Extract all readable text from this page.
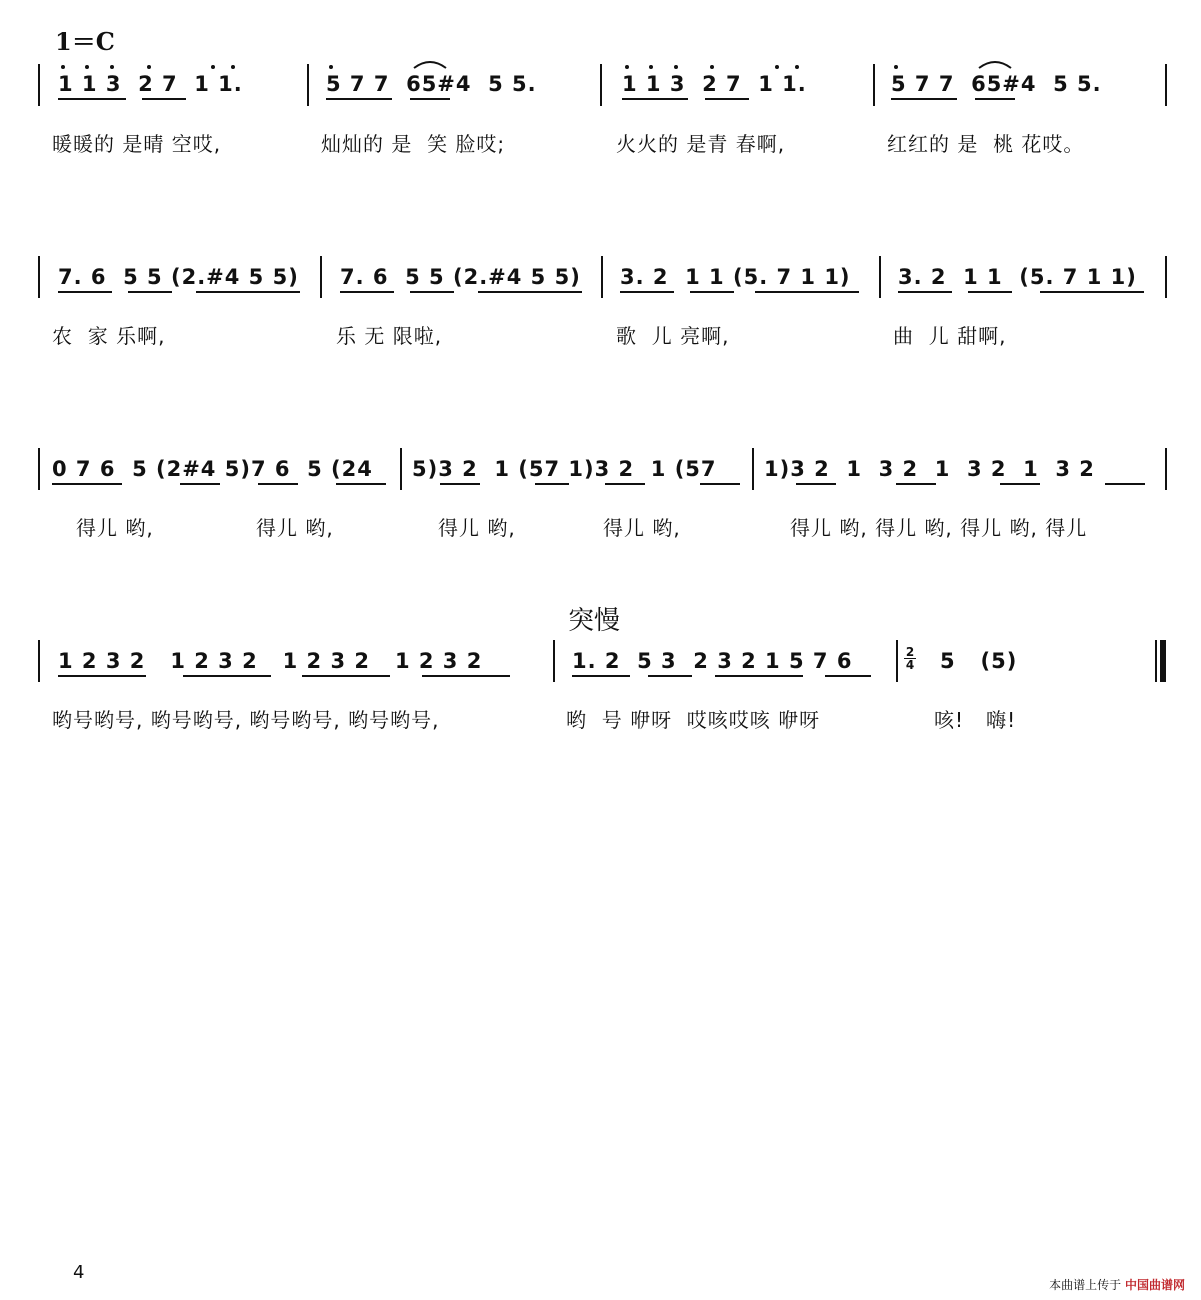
1＝C
1 1 3  2 7  1 1.	5 7 7  65#4  5 5.	1 1 3  2 7  1 1.	5 7 7  65#4  5 5.
暖暖的 是晴 空哎,	灿灿的 是  笑 脸哎;	火火的 是青 春啊,	红红的 是  桃 花哎。
7. 6  5 5 (2.#4 5 5) 7. 6  5 5 (2.#4 5 5) 3. 2  1 1 (5. 7 1 1) 3. 2  1 1  (5. 7 1 1)
农  家 乐啊,	乐 无 限啦,	歌  儿 亮啊,	曲  儿 甜啊,
0 7 6  5 (2#4 5)7 6  5 (24 5)3 2  1 (57 1)3 2  1 (57 1)3 2  1  3 2  1  3 2  1  3 2
得儿 哟,	得儿 哟,	得儿 哟,	得儿 哟,	得儿 哟, 得儿 哟, 得儿 哟, 得儿
突慢
1 2 3 2   1 2 3 2   1 2 3 2   1 2 3 2	1. 2  5 3  2 3 2 1 5 7 6	2
4 5   (5)
哟号哟号, 哟号哟号, 哟号哟号, 哟号哟号,	哟  号 咿呀  哎咳哎咳 咿呀	咳!   嗨!
4
本曲谱上传于 中国曲谱网
